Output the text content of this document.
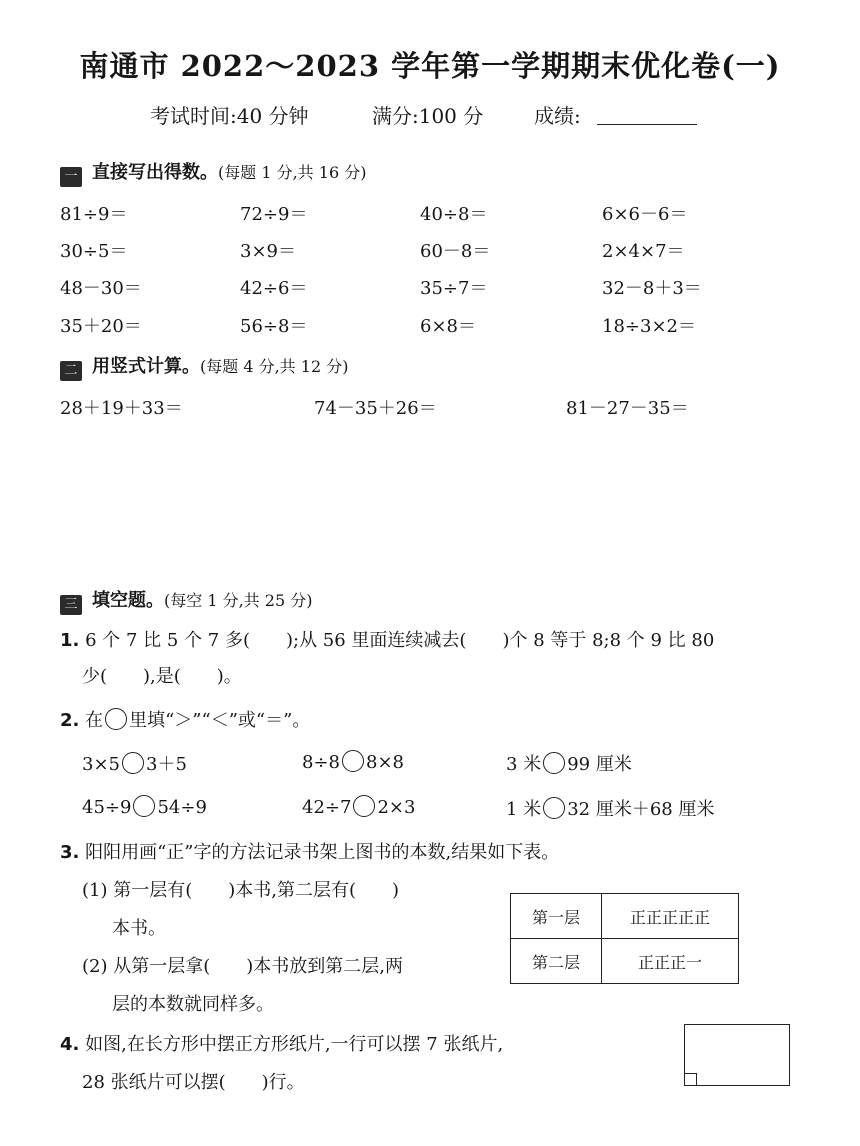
南通市 2022～2023 学年第一学期期末优化卷(一)
考试时间:40 分钟	满分:100 分	成绩:
一 直接写出得数。(每题 1 分,共 16 分)
81÷9＝	72÷9＝	40÷8＝	6×6－6＝
30÷5＝	3×9＝	60－8＝	2×4×7＝
48－30＝	42÷6＝	35÷7＝	32－8＋3＝
35＋20＝	56÷8＝	6×8＝	18÷3×2＝
二 用竖式计算。(每题 4 分,共 12 分)
28＋19＋33＝	74－35＋26＝	81－27－35＝
三 填空题。(每空 1 分,共 25 分)
1. 6 个 7 比 5 个 7 多(　　);从 56 里面连续减去(　　)个 8 等于 8;8 个 9 比 80
少(　　),是(　　)。
2. 在 里填“＞”“＜”或“＝”。
3×5 3＋5	8÷8 8×8	3 米 99 厘米
45÷9 54÷9	42÷7 2×3	1 米 32 厘米＋68 厘米
3. 阳阳用画“正”字的方法记录书架上图书的本数,结果如下表。
(1) 第一层有(　　)本书,第二层有(　　)
本书。
(2) 从第一层拿(　　)本书放到第二层,两
层的本数就同样多。
第一层	正正正正正
第二层	正正正一
4. 如图,在长方形中摆正方形纸片,一行可以摆 7 张纸片,
28 张纸片可以摆(　　)行。
